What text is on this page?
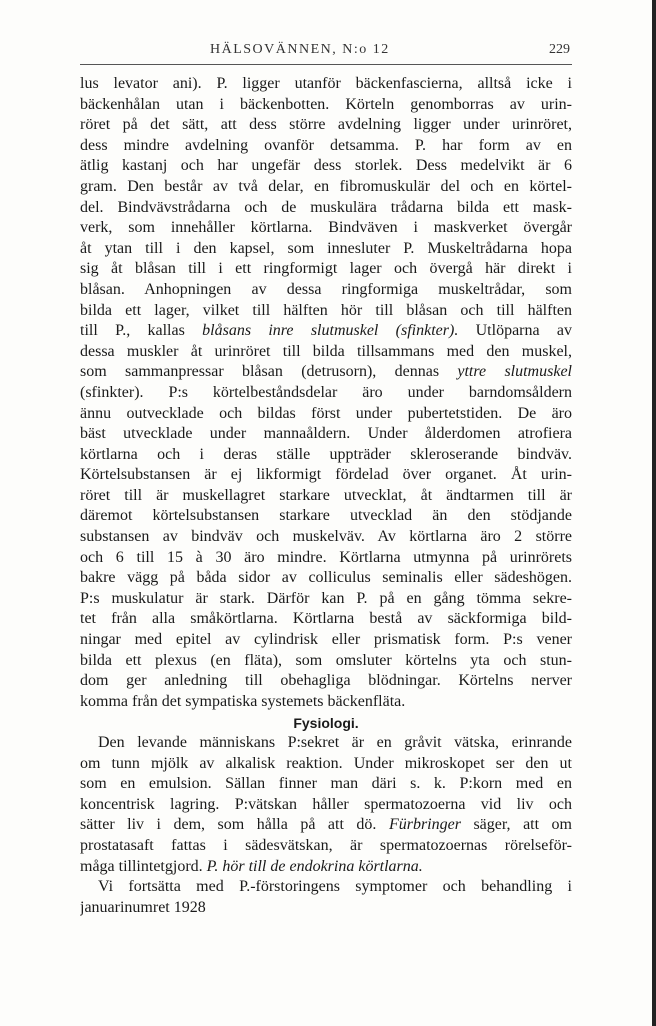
HÄLSOVÄNNEN, N:o 12	229
lus levator ani). P. ligger utanför bäckenfascierna, alltså icke i
bäckenhålan utan i bäckenbotten. Körteln genomborras av urin-
röret på det sätt, att dess större avdelning ligger under urinröret,
dess mindre avdelning ovanför detsamma. P. har form av en
ätlig kastanj och har ungefär dess storlek. Dess medelvikt är 6
gram. Den består av två delar, en fibromuskulär del och en körtel-
del. Bindvävstrådarna och de muskulära trådarna bilda ett mask-
verk, som innehåller körtlarna. Bindväven i maskverket övergår
åt ytan till i den kapsel, som innesluter P. Muskeltrådarna hopa
sig åt blåsan till i ett ringformigt lager och övergå här direkt i
blåsan. Anhopningen av dessa ringformiga muskeltrådar, som
bilda ett lager, vilket till hälften hör till blåsan och till hälften
till P., kallas blåsans inre slutmuskel (sfinkter). Utlöparna av
dessa muskler åt urinröret till bilda tillsammans med den muskel,
som sammanpressar blåsan (detrusorn), dennas yttre slutmuskel
(sfinkter). P:s körtelbeståndsdelar äro under barndomsåldern
ännu outvecklade och bildas först under pubertetstiden. De äro
bäst utvecklade under mannaåldern. Under ålderdomen atrofiera
körtlarna och i deras ställe uppträder skleroserande bindväv.
Körtelsubstansen är ej likformigt fördelad över organet. Åt urin-
röret till är muskellagret starkare utvecklat, åt ändtarmen till är
däremot körtelsubstansen starkare utvecklad än den stödjande
substansen av bindväv och muskelväv. Av körtlarna äro 2 större
och 6 till 15 à 30 äro mindre. Körtlarna utmynna på urinrörets
bakre vägg på båda sidor av colliculus seminalis eller sädeshögen.
P:s muskulatur är stark. Därför kan P. på en gång tömma sekre-
tet från alla småkörtlarna. Körtlarna bestå av säckformiga bild-
ningar med epitel av cylindrisk eller prismatisk form. P:s vener
bilda ett plexus (en fläta), som omsluter körtelns yta och stun-
dom ger anledning till obehagliga blödningar. Körtelns nerver
komma från det sympatiska systemets bäckenfläta.
Fysiologi.
Den levande människans P:sekret är en gråvit vätska, erinrande
om tunn mjölk av alkalisk reaktion. Under mikroskopet ser den ut
som en emulsion. Sällan finner man däri s. k. P:korn med en
koncentrisk lagring. P:vätskan håller spermatozoerna vid liv och
sätter liv i dem, som hålla på att dö. Fürbringer säger, att om
prostatasaft fattas i sädesvätskan, är spermatozoernas rörelseför-
måga tillintetgjord. P. hör till de endokrina körtlarna.
Vi fortsätta med P.-förstoringens symptomer och behandling i
januarinumret 1928
